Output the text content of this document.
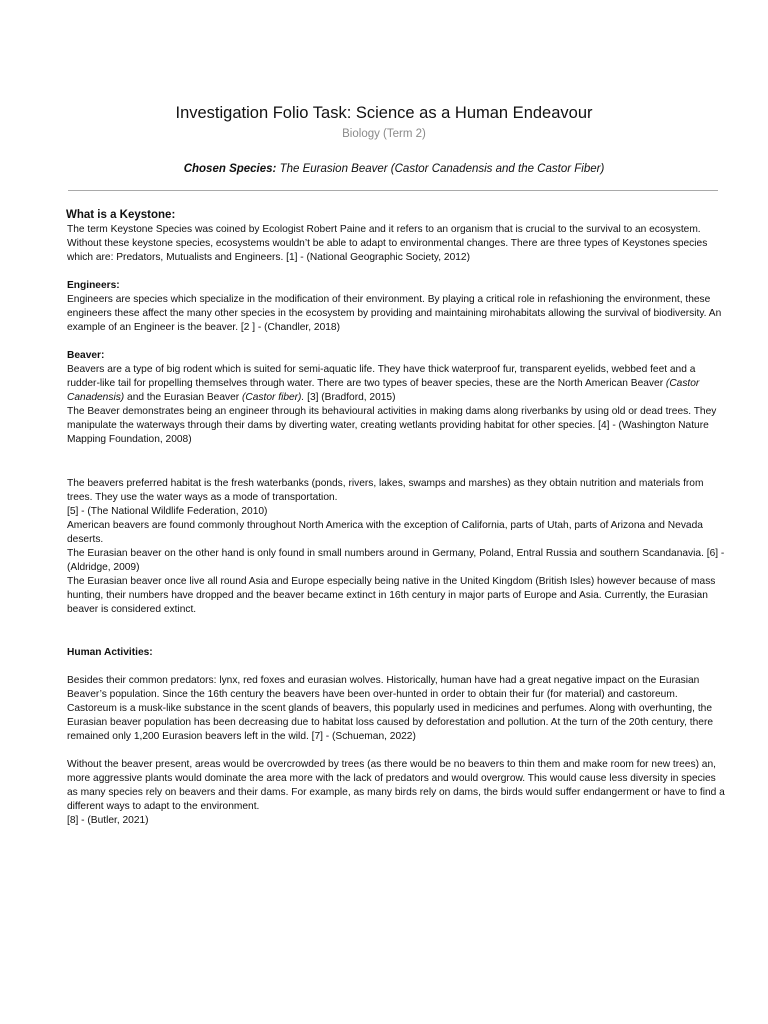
Investigation Folio Task: Science as a Human Endeavour
Biology (Term 2)
Chosen Species: The Eurasion Beaver (Castor Canadensis and the Castor Fiber)
What is a Keystone:

The term Keystone Species was coined by Ecologist Robert Paine and it refers to an organism that is crucial to the survival to an ecosystem. Without these keystone species, ecosystems wouldn’t be able to adapt to environmental changes. There are three types of Keystones species which are: Predators, Mutualists and Engineers. [1] - (National Geographic Society, 2012)

Engineers:

Engineers are species which specialize in the modification of their environment. By playing a critical role in refashioning the environment, these engineers these affect the many other species in the ecosystem by providing and maintaining mirohabitats allowing the survival of biodiversity. An example of an Engineer is the beaver. [2 ] - (Chandler, 2018)

Beaver:

Beavers are a type of big rodent which is suited for semi-aquatic life. They have thick waterproof fur, transparent eyelids, webbed feet and a rudder-like tail for propelling themselves through water. There are two types of beaver species, these are the North American Beaver (Castor Canadensis) and the Eurasian Beaver (Castor fiber). [3] (Bradford, 2015)

The Beaver demonstrates being an engineer through its behavioural activities in making dams along riverbanks by using old or dead trees. They manipulate the waterways through their dams by diverting water, creating wetlants providing habitat for other species. [4] - (Washington Nature Mapping Foundation, 2008)

The beavers preferred habitat is the fresh waterbanks (ponds, rivers, lakes, swamps and marshes) as they obtain nutrition and materials from trees. They use the water ways as a mode of transportation.

[5] - (The National Wildlife Federation, 2010)

American beavers are found commonly throughout North America with the exception of California, parts of Utah, parts of Arizona and Nevada deserts.

The Eurasian beaver on the other hand is only found in small numbers around in Germany, Poland, Entral Russia and southern Scandanavia. [6] - (Aldridge, 2009)

The Eurasian beaver once live all round Asia and Europe especially being native in the United Kingdom (British Isles) however because of mass hunting, their numbers have dropped and the beaver became extinct in 16th century in major parts of Europe and Asia. Currently, the Eurasian beaver is considered extinct.

Human Activities:

Besides their common predators: lynx, red foxes and eurasian wolves. Historically, human have had a great negative impact on the Eurasian Beaver’s population. Since the 16th century the beavers have been over-hunted in order to obtain their fur (for material) and castoreum. Castoreum is a musk-like substance in the scent glands of beavers, this popularly used in medicines and perfumes. Along with overhunting, the Eurasian beaver population has been decreasing due to habitat loss caused by deforestation and pollution. At the turn of the 20th century, there remained only 1,200 Eurasion beavers left in the wild. [7] - (Schueman, 2022)

Without the beaver present, areas would be overcrowded by trees (as there would be no beavers to thin them and make room for new trees) an, more aggressive plants would dominate the area more with the lack of predators and would overgrow. This would cause less diversity in species as many species rely on beavers and their dams. For example, as many birds rely on dams, the birds would suffer endangerment or have to find a different ways to adapt to the environment.

[8] - (Butler, 2021)
